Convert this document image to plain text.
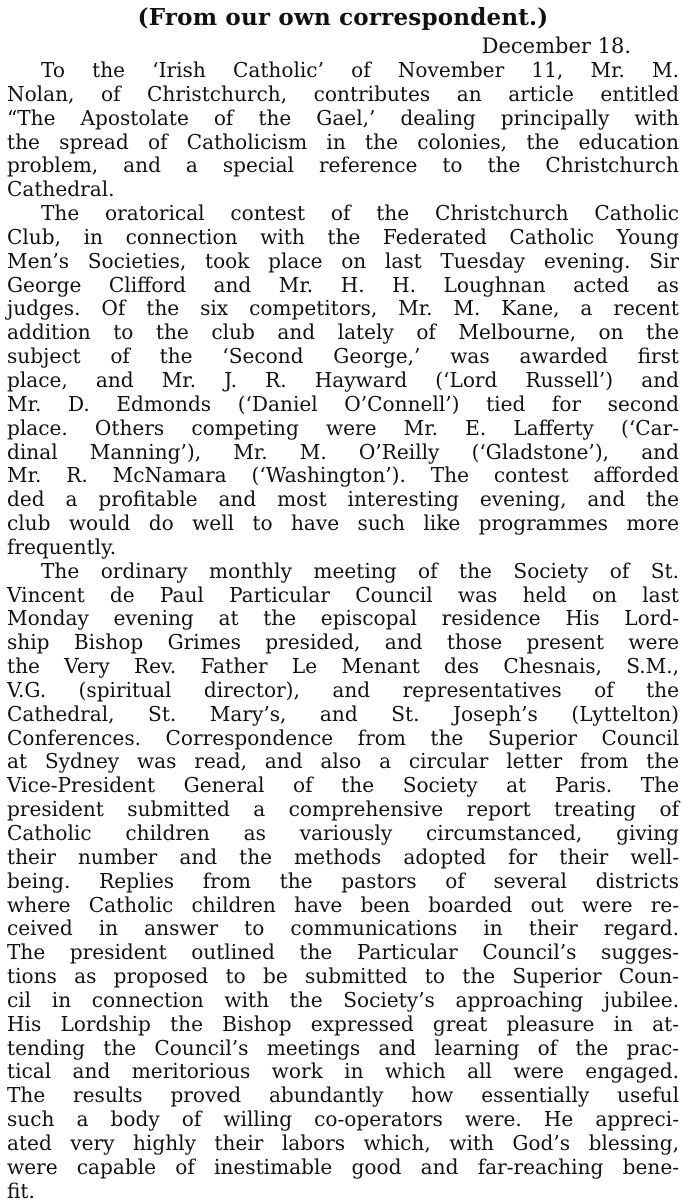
(From our own correspondent.)
December 18.

To the ‘Irish Catholic’ of November 11, Mr. M.
Nolan, of Christchurch, contributes an article entitled
“The Apostolate of the Gael,’ dealing principally with
the spread of Catholicism in the colonies, the education
problem, and a special reference to the Christchurch
Cathedral.

The oratorical contest of the Christchurch Catholic
Club, in connection with the Federated Catholic Young
Men’s Societies, took place on last Tuesday evening. Sir
George Clifford and Mr. H. H. Loughnan acted as
judges. Of the six competitors, Mr. M. Kane, a recent
addition to the club and lately of Melbourne, on the
subject of the ‘Second George,’ was awarded first
place, and Mr. J. R. Hayward (‘Lord Russell’) and
Mr. D. Edmonds (‘Daniel O’Connell’) tied for second
place. Others competing were Mr. E. Lafferty (‘Car-
dinal Manning’), Mr. M. O’Reilly (‘Gladstone’), and
Mr. R. McNamara (‘Washington’). The contest afforded
ded a profitable and most interesting evening, and the
club would do well to have such like programmes more
frequently.

The ordinary monthly meeting of the Society of St.
Vincent de Paul Particular Council was held on last
Monday evening at the episcopal residence His Lord-
ship Bishop Grimes presided, and those present were
the Very Rev. Father Le Menant des Chesnais, S.M.,
V.G. (spiritual director), and representatives of the
Cathedral, St. Mary’s, and St. Joseph’s (Lyttelton)
Conferences. Correspondence from the Superior Council
at Sydney was read, and also a circular letter from the
Vice-President General of the Society at Paris. The
president submitted a comprehensive report treating of
Catholic children as variously circumstanced, giving
their number and the methods adopted for their well-
being. Replies from the pastors of several districts
where Catholic children have been boarded out were re-
ceived in answer to communications in their regard.
The president outlined the Particular Council’s sugges-
tions as proposed to be submitted to the Superior Coun-
cil in connection with the Society’s approaching jubilee.
His Lordship the Bishop expressed great pleasure in at-
tending the Council’s meetings and learning of the prac-
tical and meritorious work in which all were engaged.
The results proved abundantly how essentially useful
such a body of willing co-operators were. He appreci-
ated very highly their labors which, with God’s blessing,
were capable of inestimable good and far-reaching bene-
fit.
